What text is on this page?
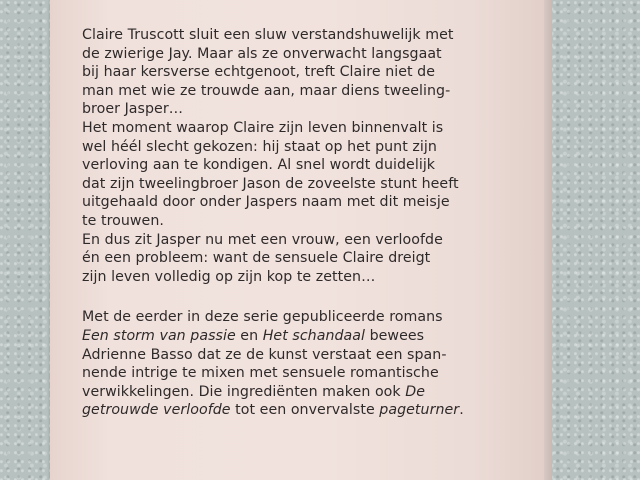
Claire Truscott sluit een sluw verstandshuwelijk met
de zwierige Jay. Maar als ze onverwacht langsgaat
bij haar kersverse echtgenoot, treft Claire niet de
man met wie ze trouwde aan, maar diens tweeling-
broer Jasper…

Het moment waarop Claire zijn leven binnenvalt is
wel héél slecht gekozen: hij staat op het punt zijn
verloving aan te kondigen. Al snel wordt duidelijk
dat zijn tweelingbroer Jason de zoveelste stunt heeft
uitgehaald door onder Jaspers naam met dit meisje
te trouwen.

En dus zit Jasper nu met een vrouw, een verloofde
én een probleem: want de sensuele Claire dreigt
zijn leven volledig op zijn kop te zetten…

Met de eerder in deze serie gepubliceerde romans
Een storm van passie en Het schandaal bewees
Adrienne Basso dat ze de kunst verstaat een span-
nende intrige te mixen met sensuele romantische
verwikkelingen. Die ingrediënten maken ook De
getrouwde verloofde tot een onvervalste pageturner.
